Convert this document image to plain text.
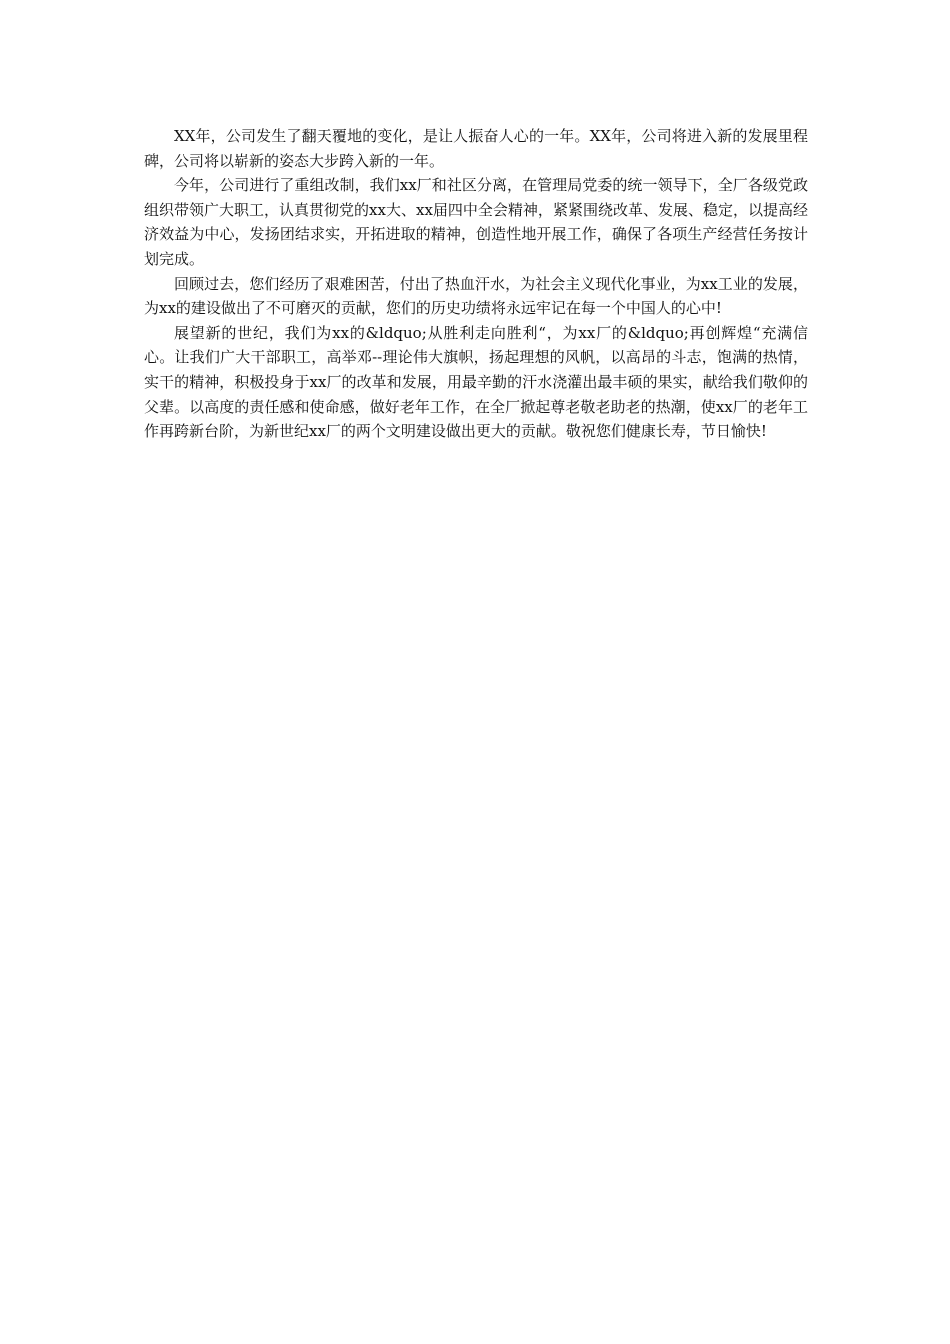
XX年，公司发生了翻天覆地的变化，是让人振奋人心的一年。XX年，公司将进入新的发展里程碑，公司将以崭新的姿态大步跨入新的一年。

今年，公司进行了重组改制，我们xx厂和社区分离，在管理局党委的统一领导下，全厂各级党政组织带领广大职工，认真贯彻党的xx大、xx届四中全会精神，紧紧围绕改革、发展、稳定，以提高经济效益为中心，发扬团结求实，开拓进取的精神，创造性地开展工作，确保了各项生产经营任务按计划完成。

回顾过去，您们经历了艰难困苦，付出了热血汗水，为社会主义现代化事业，为xx工业的发展，为xx的建设做出了不可磨灭的贡献，您们的历史功绩将永远牢记在每一个中国人的心中!

展望新的世纪，我们为xx的&ldquo;从胜利走向胜利“，为xx厂的&ldquo;再创辉煌“充满信心。让我们广大干部职工，高举邓--理论伟大旗帜，扬起理想的风帆，以高昂的斗志，饱满的热情，实干的精神，积极投身于xx厂的改革和发展，用最辛勤的汗水浇灌出最丰硕的果实，献给我们敬仰的父辈。以高度的责任感和使命感，做好老年工作，在全厂掀起尊老敬老助老的热潮，使xx厂的老年工作再跨新台阶，为新世纪xx厂的两个文明建设做出更大的贡献。敬祝您们健康长寿，节日愉快!
